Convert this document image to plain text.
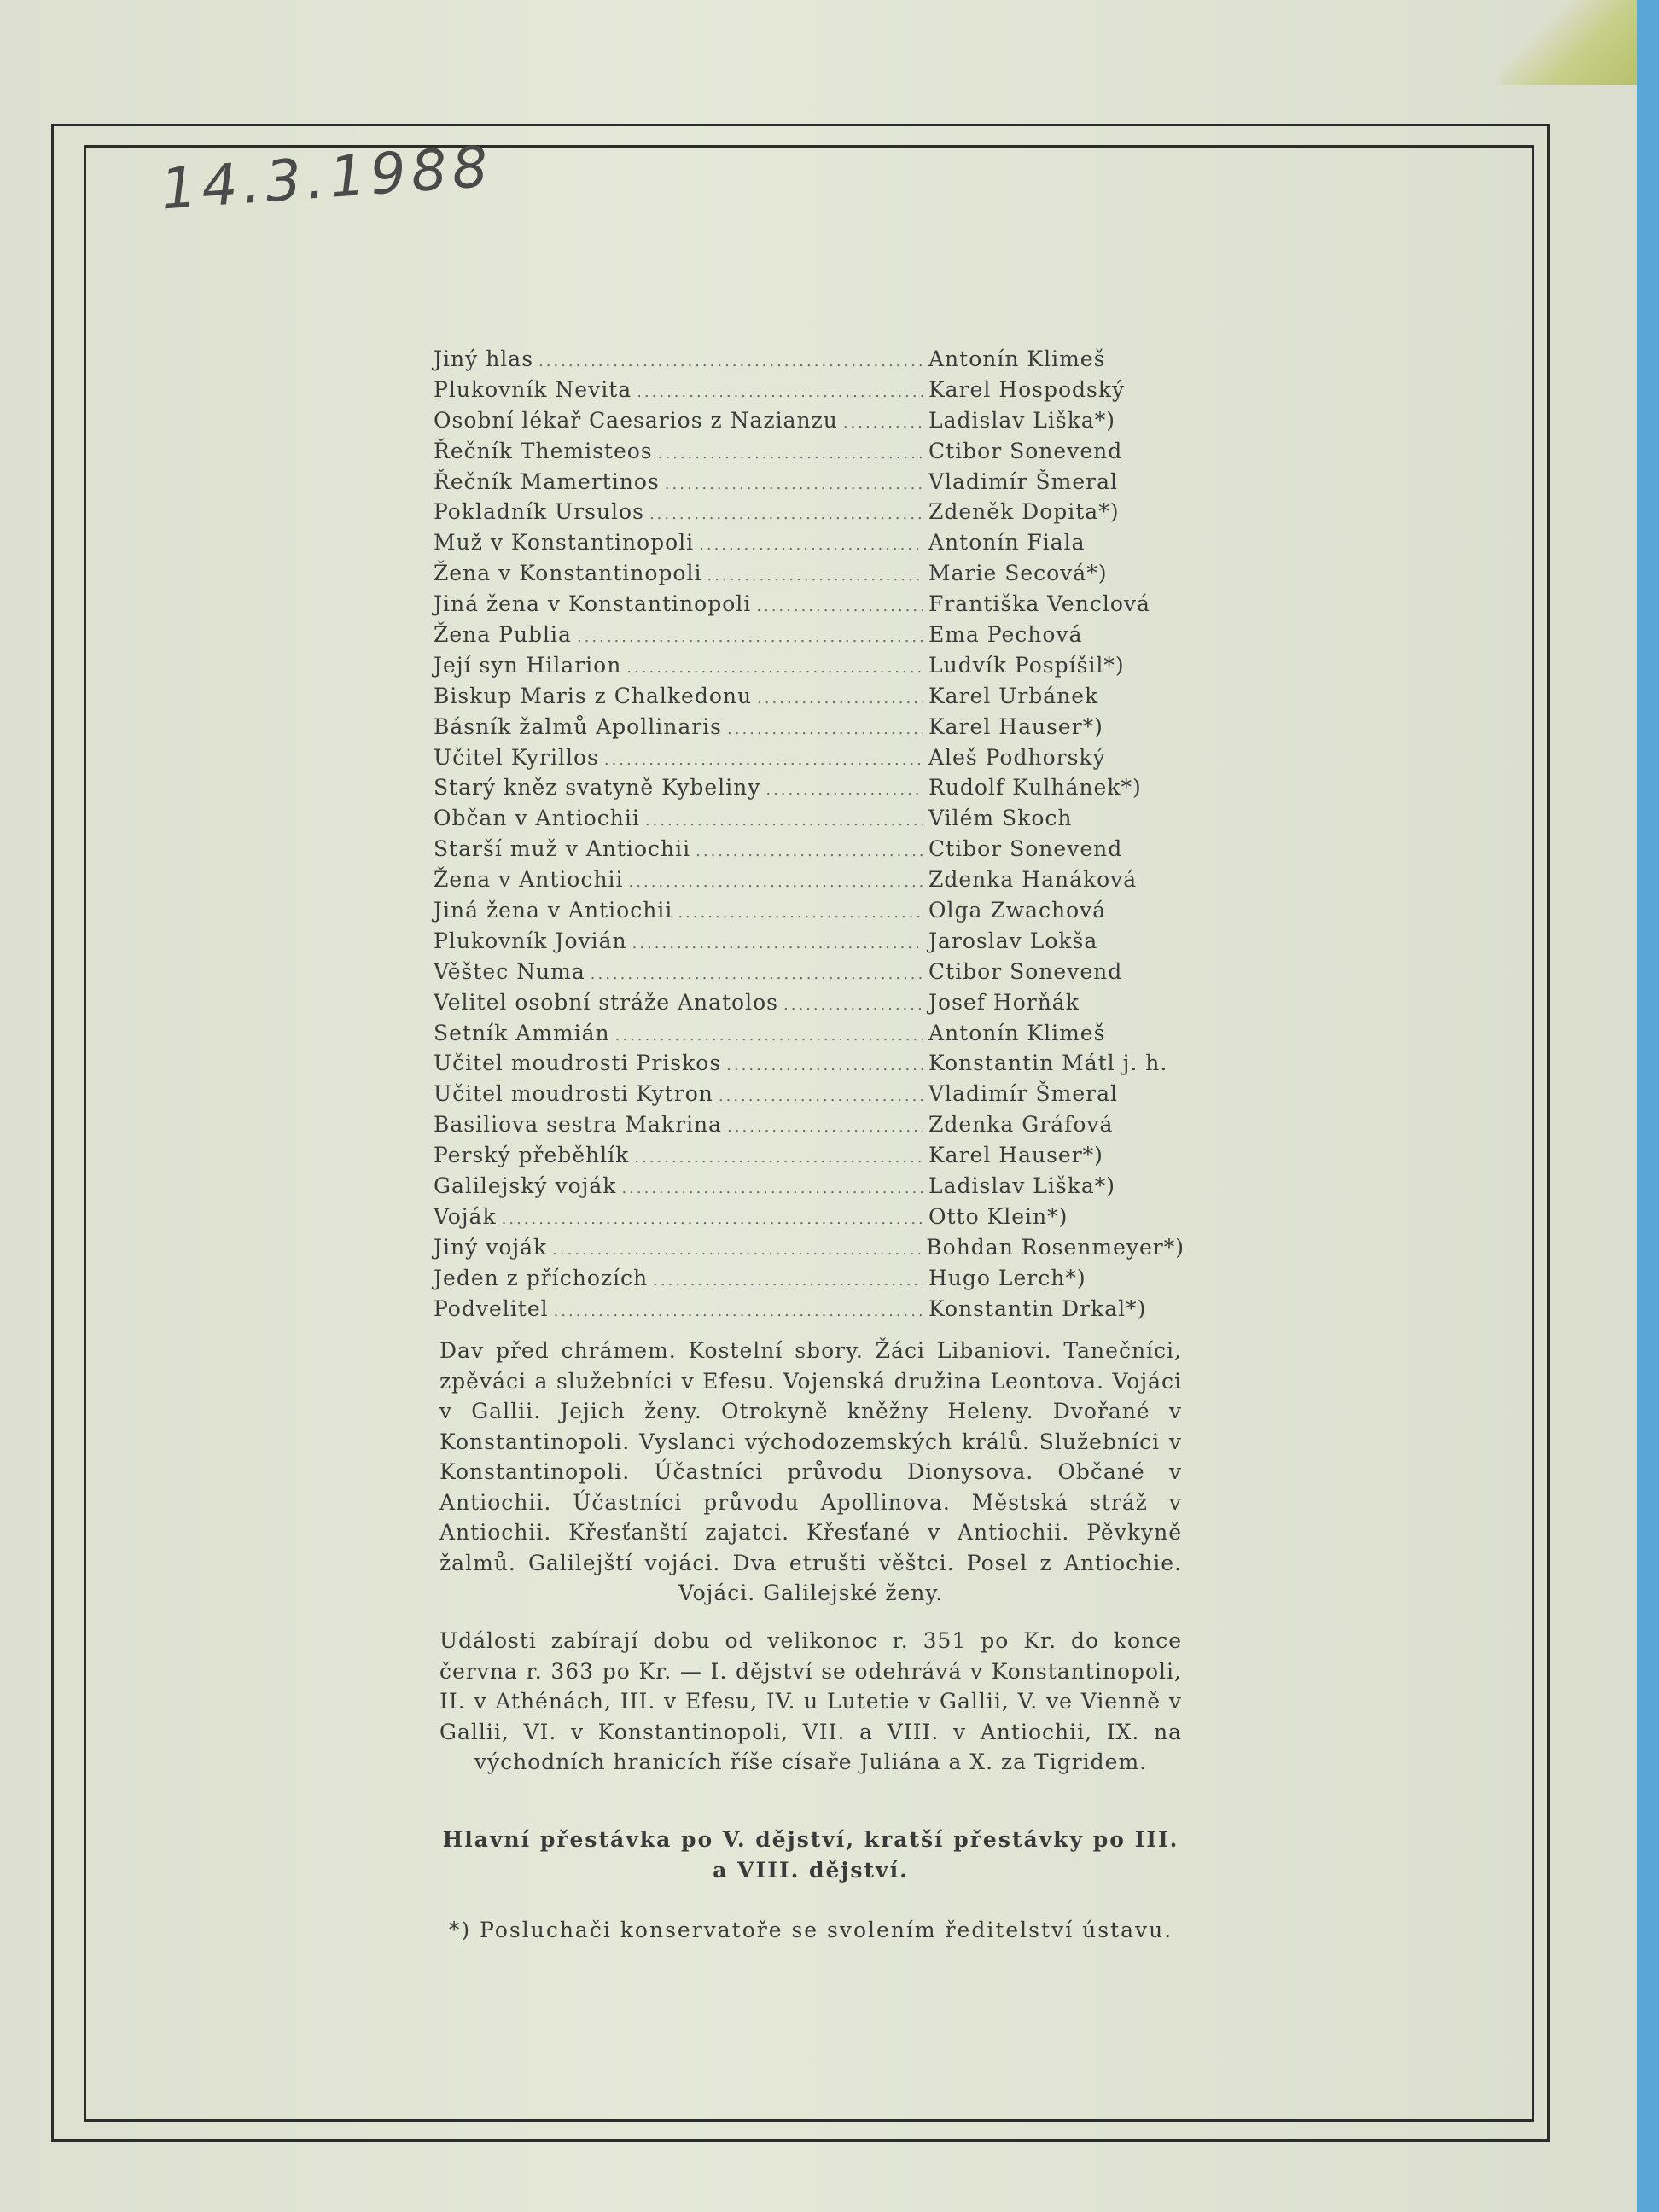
14.3.1988
Jiný hlas .....	Antonín Klimeš
Plukovník Nevita .....	Karel Hospodský
Osobní lékař Caesarios z Nazianzu .....	Ladislav Liška*)
Řečník Themisteos .....	Ctibor Sonevend
Řečník Mamertinos .....	Vladimír Šmeral
Pokladník Ursulos .....	Zdeněk Dopita*)
Muž v Konstantinopoli .....	Antonín Fiala
Žena v Konstantinopoli .....	Marie Secová*)
Jiná žena v Konstantinopoli .....	Františka Venclová
Žena Publia .....	Ema Pechová
Její syn Hilarion .....	Ludvík Pospíšil*)
Biskup Maris z Chalkedonu .....	Karel Urbánek
Básník žalmů Apollinaris .....	Karel Hauser*)
Učitel Kyrillos .....	Aleš Podhorský
Starý kněz svatyně Kybeliny .....	Rudolf Kulhánek*)
Občan v Antiochii .....	Vilém Skoch
Starší muž v Antiochii .....	Ctibor Sonevend
Žena v Antiochii .....	Zdenka Hanáková
Jiná žena v Antiochii .....	Olga Zwachová
Plukovník Jovián .....	Jaroslav Lokša
Věštec Numa .....	Ctibor Sonevend
Velitel osobní stráže Anatolos .....	Josef Horňák
Setník Ammián .....	Antonín Klimeš
Učitel moudrosti Priskos .....	Konstantin Mátl j. h.
Učitel moudrosti Kytron .....	Vladimír Šmeral
Basiliova sestra Makrina .....	Zdenka Gráfová
Perský přeběhlík .....	Karel Hauser*)
Galilejský voják .....	Ladislav Liška*)
Voják .....	Otto Klein*)
Jiný voják .....	Bohdan Rosenmeyer*)
Jeden z příchozích .....	Hugo Lerch*)
Podvelitel .....	Konstantin Drkal*)
Dav před chrámem. Kostelní sbory. Žáci Libaniovi. Tanečníci, zpěváci a služebníci v Efesu. Vojenská družina Leontova. Vojáci v Gallii. Jejich ženy. Otrokyně kněžny Heleny. Dvořané v Konstantinopoli. Vyslanci východozemských králů. Služebníci v Konstantinopoli. Účastníci průvodu Dionysova. Občané v Antiochii. Účastníci průvodu Apollinova. Městská stráž v Antiochii. Křesťanští zajatci. Křesťané v Antiochii. Pěvkyně žalmů. Galilejští vojáci. Dva etrušti věštci. Posel z Antiochie. Vojáci. Galilejské ženy.
Události zabírají dobu od velikonoc r. 351 po Kr. do konce června r. 363 po Kr. — I. dějství se odehrává v Konstantinopoli, II. v Athénách, III. v Efesu, IV. u Lutetie v Gallii, V. ve Vienně v Gallii, VI. v Konstantinopoli, VII. a VIII. v Antiochii, IX. na východních hranicích říše císaře Juliána a X. za Tigridem.
Hlavní přestávka po V. dějství, kratší přestávky po III. a VIII. dějství.
*) Posluchači konservatoře se svolením ředitelství ústavu.
